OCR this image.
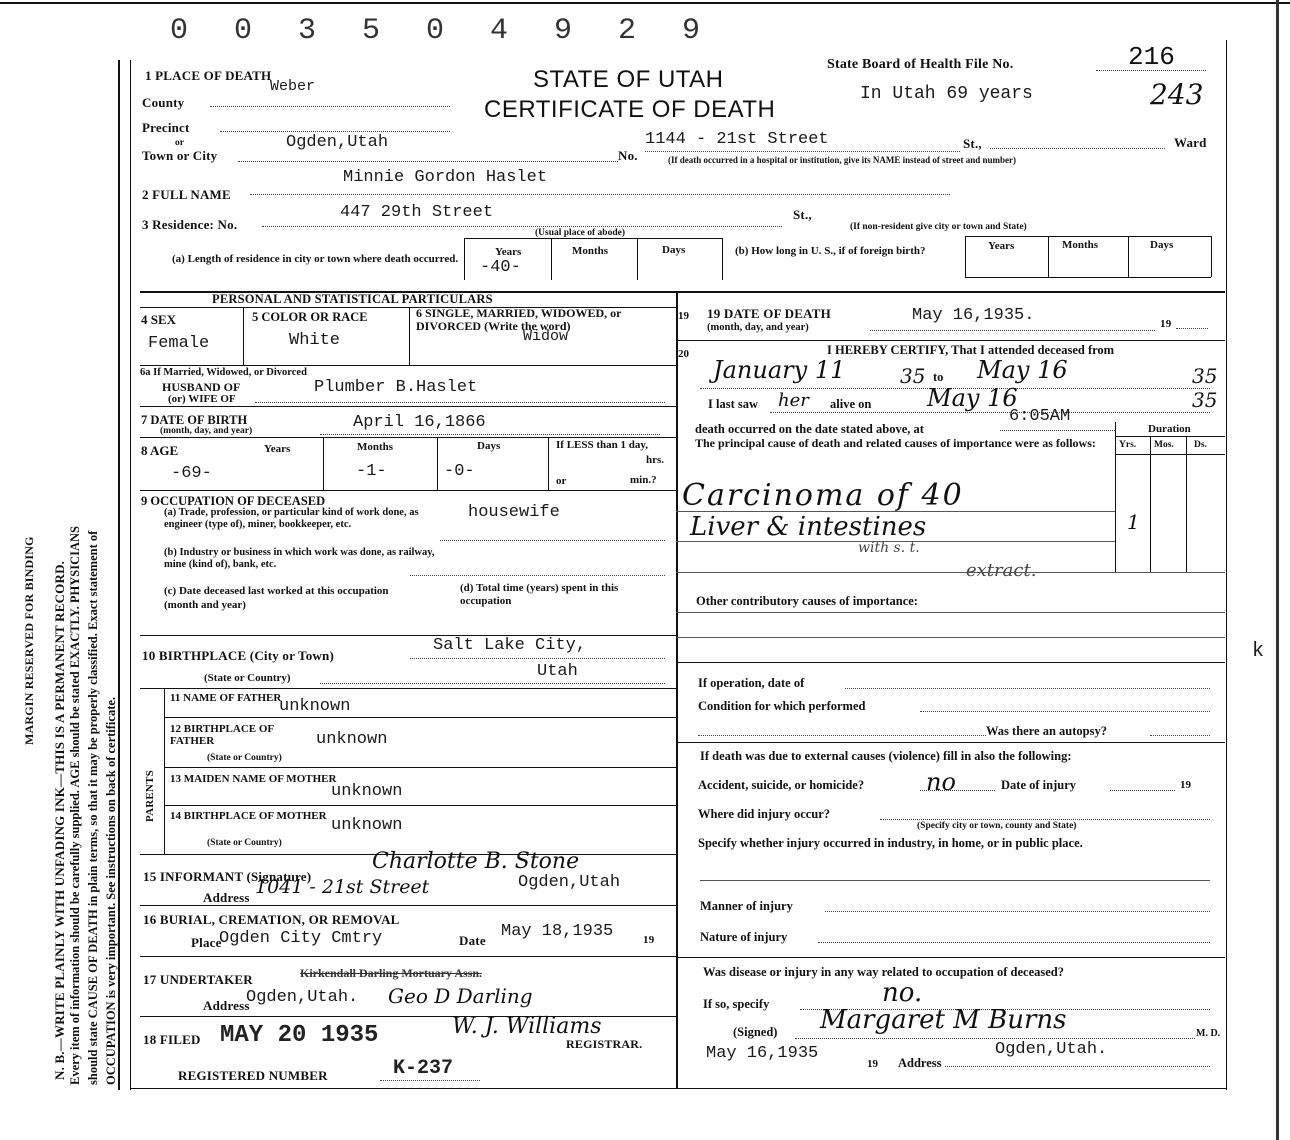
0 0 3 5 0 4 9 2 9
N. B.—WRITE PLAINLY WITH UNFADING INK—THIS IS A PERMANENT RECORD. Every item of information should be carefully supplied. AGE should be stated EXACTLY. PHYSICIANS should state CAUSE OF DEATH in plain terms, so that it may be properly classified. Exact statement of OCCUPATION is very important. See instructions on back of certificate.
MARGIN RESERVED FOR BINDING
STATE OF UTAH
CERTIFICATE OF DEATH
State Board of Health File No.	216
In Utah 69 years	243
1 PLACE OF DEATH
County
Weber
Precinct
or
Town or City
Ogden,Utah
No.
1144 - 21st Street	St.,	Ward
(If death occurred in a hospital or institution, give its NAME instead of street and number)
2 FULL NAME
Minnie Gordon Haslet
3 Residence: No.
447 29th Street	St.,
(Usual place of abode)
(If non-resident give city or town and State)
(a) Length of residence in city or town where death occurred.
Years	Months	Days
-40-
(b) How long in U. S., if of foreign birth?	Years	Months	Days
PERSONAL AND STATISTICAL PARTICULARS
4 SEX
Female
5 COLOR OR RACE
White
6 SINGLE, MARRIED, WIDOWED, or DIVORCED (Write the word)
Widow
6a If Married, Widowed, or Divorced
HUSBAND OF
(or) WIFE OF
Plumber B.Haslet
7 DATE OF BIRTH
(month, day, and year)	April 16,1866
8 AGE	Years	Months	Days
-69-	-1-	-0-
If LESS than 1 day,
hrs.
or	min.?
9 OCCUPATION OF DECEASED
(a) Trade, profession, or particular kind of work done, as engineer (type of), miner, bookkeeper, etc.
housewife
(b) Industry or business in which work was done, as railway, mine (kind of), bank, etc.
(c) Date deceased last worked at this occupation (month and year)
(d) Total time (years) spent in this occupation
10 BIRTHPLACE (City or Town)
Salt Lake City,
(State or Country)	Utah
PARENTS
11 NAME OF FATHER
unknown
12 BIRTHPLACE OF FATHER	unknown
(State or Country)
13 MAIDEN NAME OF MOTHER
unknown
14 BIRTHPLACE OF MOTHER unknown
(State or Country)
15 INFORMANT (Signature)
Charlotte B. Stone
Address 1041 - 21st Street	Ogden,Utah
16 BURIAL, CREMATION, OR REMOVAL
Place
Ogden City Cmtry	Date May 18,1935	19
17 UNDERTAKER	Kirkendall Darling Mortuary Assn.
Address
Ogden,Utah. Geo D Darling
18 FILED MAY 20 1935	W. J. Williams
REGISTRAR.
REGISTERED NUMBER	K-237
19 19 DATE OF DEATH
(month, day, and year)
May 16,1935.	19
20	I HEREBY CERTIFY, That I attended deceased from
January 11	35 to May 16	35
I last saw her alive on May 16	35
death occurred on the date stated above, at
6:05AM
The principal cause of death and related causes of importance were as follows:
Duration
Yrs. Mos. Ds.
1
Carcinoma of 40
Liver & intestines
with s. t.
extract.
Other contributory causes of importance:
If operation, date of
Condition for which performed
Was there an autopsy?
If death was due to external causes (violence) fill in also the following:
Accident, suicide, or homicide?	no	Date of injury	19
Where did injury occur?
(Specify city or town, county and State)
Specify whether injury occurred in industry, in home, or in public place.
Manner of injury
Nature of injury
Was disease or injury in any way related to occupation of deceased?
If so, specify	no.
(Signed) Margaret M Burns	M. D.
May 16,1935
19 Address
Ogden,Utah.
k
